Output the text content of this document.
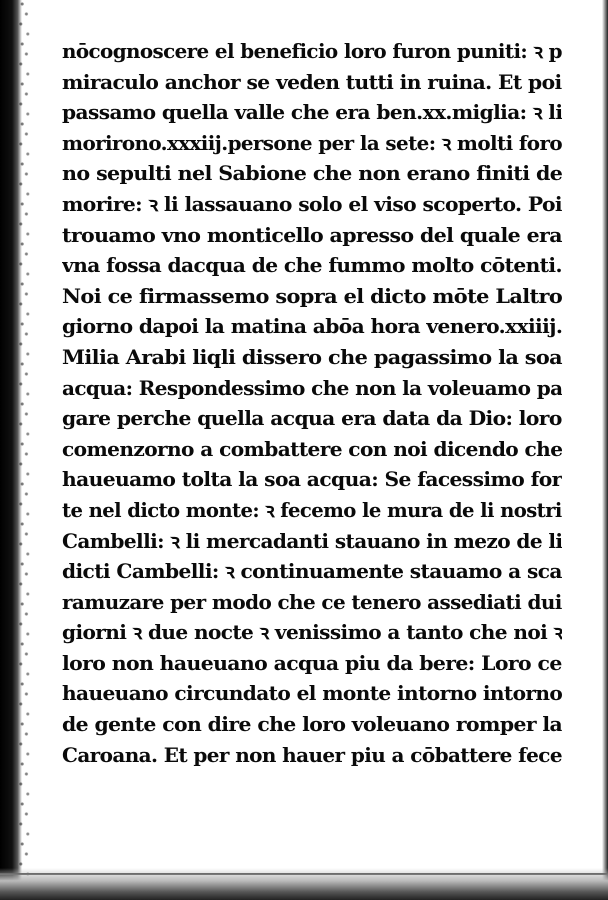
nōcognoscere el beneficio loro furon puniti: ꝛ p
miraculo anchor se veden tutti in ruina. Et poi
passamo quella valle che era ben.xx.miglia: ꝛ li
morirono.xxxiij.persone per la sete: ꝛ molti foro
no sepulti nel Sabione che non erano finiti de
morire: ꝛ li lassauano solo el viso scoperto. Poi
trouamo vno monticello apresso del quale era
vna fossa dacqua de che fummo molto cōtenti.
Noi ce firmassemo sopra el dicto mōte Laltro
giorno dapoi la matina abōa hora venero.xxiiij.
Milia Arabi liqli dissero che pagassimo la soa
acqua: Respondessimo che non la voleuamo pa
gare perche quella acqua era data da Dio: loro
comenzorno a combattere con noi dicendo che
haueuamo tolta la soa acqua: Se facessimo for
te nel dicto monte: ꝛ fecemo le mura de li nostri
Cambelli: ꝛ li mercadanti stauano in mezo de li
dicti Cambelli: ꝛ continuamente stauamo a sca
ramuzare per modo che ce tenero assediati dui
giorni ꝛ due nocte ꝛ venissimo a tanto che noi ꝛ
loro non haueuano acqua piu da bere: Loro ce
haueuano circundato el monte intorno intorno
de gente con dire che loro voleuano romper la
Caroana. Et per non hauer piu a cōbattere fece
